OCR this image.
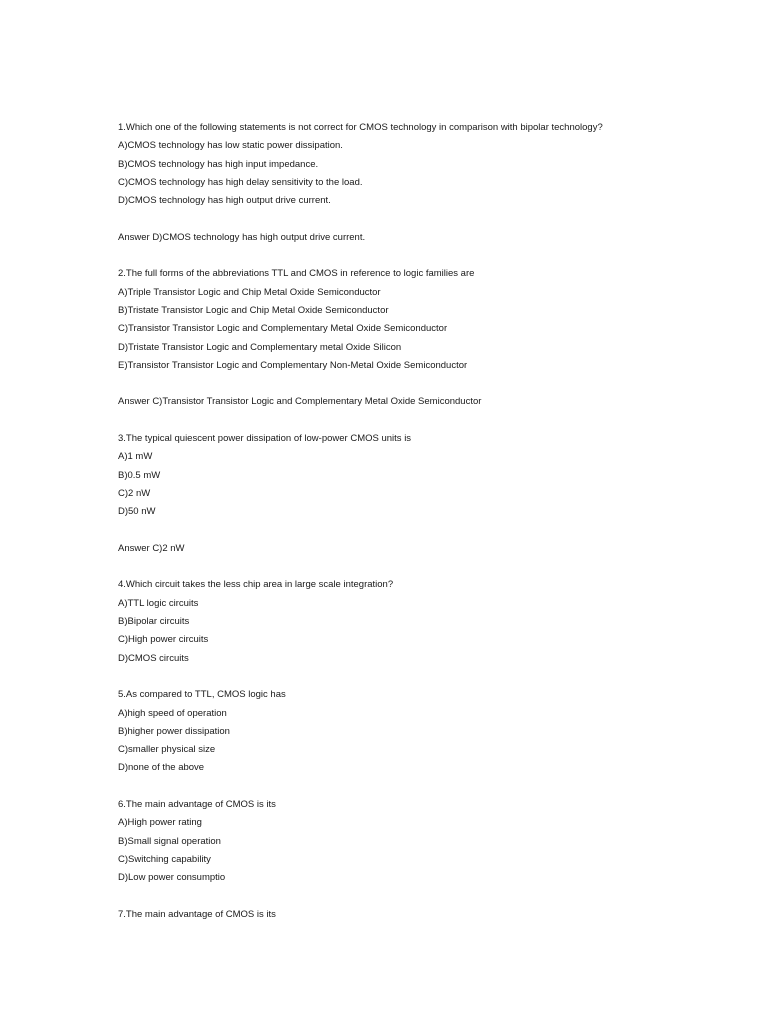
1.Which one of the following statements is not correct for CMOS technology in comparison with bipolar technology?

A)CMOS technology has low static power dissipation.

B)CMOS technology has high input impedance.

C)CMOS technology has high delay sensitivity to the load.

D)CMOS technology has high output drive current.

Answer D)CMOS technology has high output drive current.

2.The full forms of the abbreviations TTL and CMOS in reference to logic families are

A)Triple Transistor Logic and Chip Metal Oxide Semiconductor

B)Tristate Transistor Logic and Chip Metal Oxide Semiconductor

C)Transistor Transistor Logic and Complementary Metal Oxide Semiconductor

D)Tristate Transistor Logic and Complementary metal Oxide Silicon

E)Transistor Transistor Logic and Complementary Non-Metal Oxide Semiconductor

Answer C)Transistor Transistor Logic and Complementary Metal Oxide Semiconductor

3.The typical quiescent power dissipation of low-power CMOS units is

A)1 mW

B)0.5 mW

C)2 nW

D)50 nW

Answer C)2 nW

4.Which circuit takes the less chip area in large scale integration?

A)TTL logic circuits

B)Bipolar circuits

C)High power circuits

D)CMOS circuits

5.As compared to TTL, CMOS logic has

A)high speed of operation

B)higher power dissipation

C)smaller physical size

D)none of the above

6.The main advantage of CMOS is its

A)High power rating

B)Small signal operation

C)Switching capability

D)Low power consumptio

7.The main advantage of CMOS is its
